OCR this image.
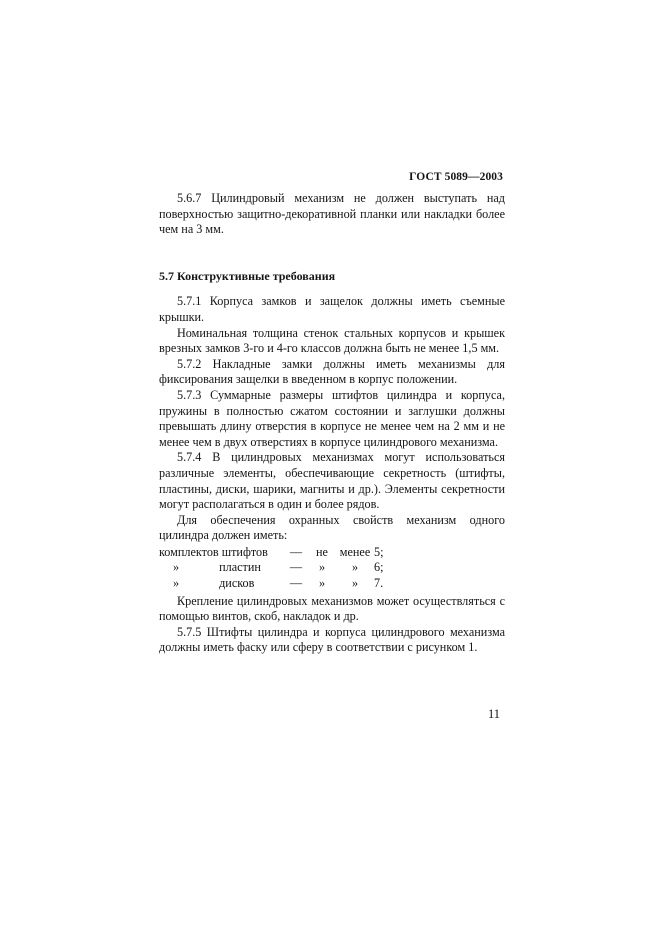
ГОСТ 5089—2003

5.6.7 Цилиндровый механизм не должен выступать над поверхностью защитно-декоративной планки или накладки более чем на 3 мм.

5.7 Конструктивные требования

5.7.1 Корпуса замков и защелок должны иметь съемные крышки.

Номинальная толщина стенок стальных корпусов и крышек врезных замков 3-го и 4-го классов должна быть не менее 1,5 мм.

5.7.2 Накладные замки должны иметь механизмы для фиксирования защелки в введенном в корпус положении.

5.7.3 Суммарные размеры штифтов цилиндра и корпуса, пружины в полностью сжатом состоянии и заглушки должны превышать длину отверстия в корпусе не менее чем на 2 мм и не менее чем в двух отверстиях в корпусе цилиндрового механизма.

5.7.4 В цилиндровых механизмах могут использоваться различные элементы, обеспечивающие секретность (штифты, пластины, диски, шарики, магниты и др.). Элементы секретности могут располагаться в один и более рядов.

Для обеспечения охранных свойств механизм одного цилиндра должен иметь:

комплектов штифтов	—	не	менее	5;
» пластин	—	»	»	6;
» дисков	—	»	»	7.

Крепление цилиндровых механизмов может осуществляться с помощью винтов, скоб, накладок и др.

5.7.5 Штифты цилиндра и корпуса цилиндрового механизма должны иметь фаску или сферу в соответствии с рисунком 1.

11
